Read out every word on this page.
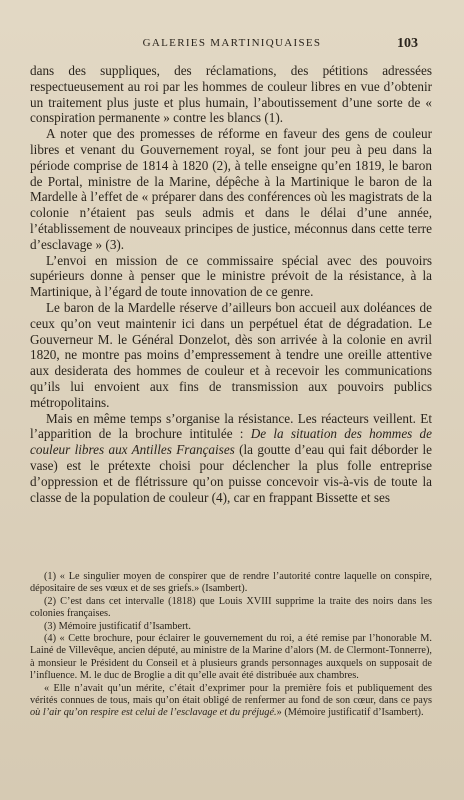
GALERIES MARTINIQUAISES	103

dans des suppliques, des réclamations, des pétitions adressées respectueusement au roi par les hommes de couleur libres en vue d’obtenir un traitement plus juste et plus humain, l’aboutissement d’une sorte de « conspiration permanente » contre les blancs (1).

A noter que des promesses de réforme en faveur des gens de couleur libres et venant du Gouvernement royal, se font jour peu à peu dans la période comprise de 1814 à 1820 (2), à telle enseigne qu’en 1819, le baron de Portal, ministre de la Marine, dépêche à la Martinique le baron de la Mardelle à l’effet de « préparer dans des conférences où les magistrats de la colonie n’étaient pas seuls admis et dans le délai d’une année, l’établissement de nouveaux principes de justice, méconnus dans cette terre d’esclavage » (3).

L’envoi en mission de ce commissaire spécial avec des pouvoirs supérieurs donne à penser que le ministre prévoit de la résistance, à la Martinique, à l’égard de toute innovation de ce genre.

Le baron de la Mardelle réserve d’ailleurs bon accueil aux doléances de ceux qu’on veut maintenir ici dans un perpétuel état de dégradation. Le Gouverneur M. le Général Donzelot, dès son arrivée à la colonie en avril 1820, ne montre pas moins d’empressement à tendre une oreille attentive aux desiderata des hommes de couleur et à recevoir les communications qu’ils lui envoient aux fins de transmission aux pouvoirs publics métropolitains.

Mais en même temps s’organise la résistance. Les réacteurs veillent. Et l’apparition de la brochure intitulée : De la situation des hommes de couleur libres aux Antilles Françaises (la goutte d’eau qui fait déborder le vase) est le prétexte choisi pour déclencher la plus folle entreprise d’oppression et de flétrissure qu’on puisse concevoir vis-à-vis de toute la classe de la population de couleur (4), car en frappant Bissette et ses

(1) « Le singulier moyen de conspirer que de rendre l’autorité contre laquelle on conspire, dépositaire de ses vœux et de ses griefs.» (Isambert).

(2) C’est dans cet intervalle (1818) que Louis XVIII supprime la traite des noirs dans les colonies françaises.

(3) Mémoire justificatif d’Isambert.

(4) « Cette brochure, pour éclairer le gouvernement du roi, a été remise par l’honorable M. Lainé de Villevêque, ancien député, au ministre de la Marine d’alors (M. de Clermont-Tonnerre), à monsieur le Président du Conseil et à plusieurs grands personnages auxquels on supposait de l’influence. M. le duc de Broglie a dit qu’elle avait été distribuée aux chambres.

« Elle n’avait qu’un mérite, c’était d’exprimer pour la première fois et publiquement des vérités connues de tous, mais qu’on était obligé de renfermer au fond de son cœur, dans ce pays où l’air qu’on respire est celui de l’esclavage et du préjugé.» (Mémoire justificatif d’Isambert).
